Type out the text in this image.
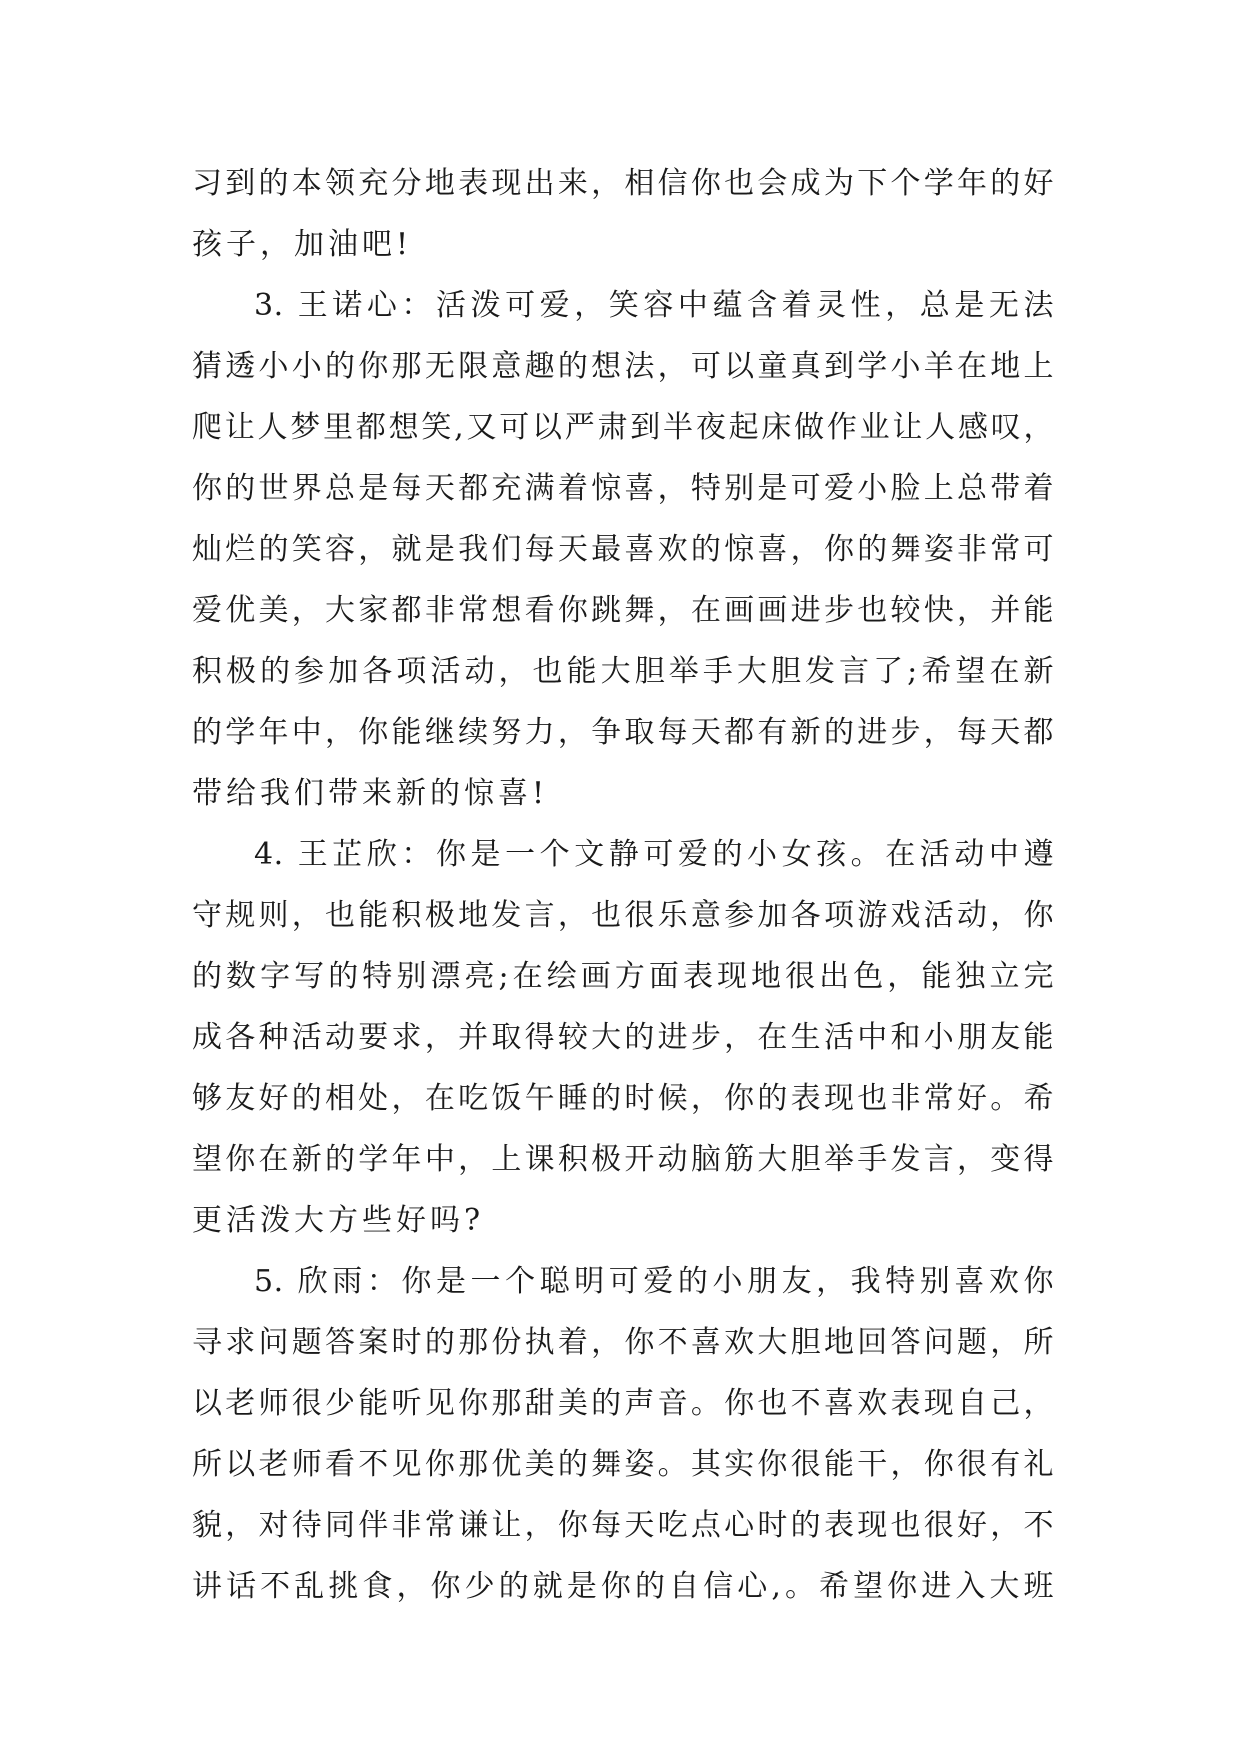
习到的本领充分地表现出来，相信你也会成为下个学年的好
孩子，加油吧!
3. 王诺心：活泼可爱，笑容中蕴含着灵性，总是无法
猜透小小的你那无限意趣的想法，可以童真到学小羊在地上
爬让人梦里都想笑,又可以严肃到半夜起床做作业让人感叹，
你的世界总是每天都充满着惊喜，特别是可爱小脸上总带着
灿烂的笑容，就是我们每天最喜欢的惊喜，你的舞姿非常可
爱优美，大家都非常想看你跳舞，在画画进步也较快，并能
积极的参加各项活动，也能大胆举手大胆发言了;希望在新
的学年中，你能继续努力，争取每天都有新的进步，每天都
带给我们带来新的惊喜!
4. 王芷欣：你是一个文静可爱的小女孩。在活动中遵
守规则，也能积极地发言，也很乐意参加各项游戏活动，你
的数字写的特别漂亮;在绘画方面表现地很出色，能独立完
成各种活动要求，并取得较大的进步，在生活中和小朋友能
够友好的相处，在吃饭午睡的时候，你的表现也非常好。希
望你在新的学年中，上课积极开动脑筋大胆举手发言，变得
更活泼大方些好吗?
5. 欣雨：你是一个聪明可爱的小朋友，我特别喜欢你
寻求问题答案时的那份执着，你不喜欢大胆地回答问题，所
以老师很少能听见你那甜美的声音。你也不喜欢表现自己，
所以老师看不见你那优美的舞姿。其实你很能干，你很有礼
貌，对待同伴非常谦让，你每天吃点心时的表现也很好，不
讲话不乱挑食，你少的就是你的自信心,。希望你进入大班
